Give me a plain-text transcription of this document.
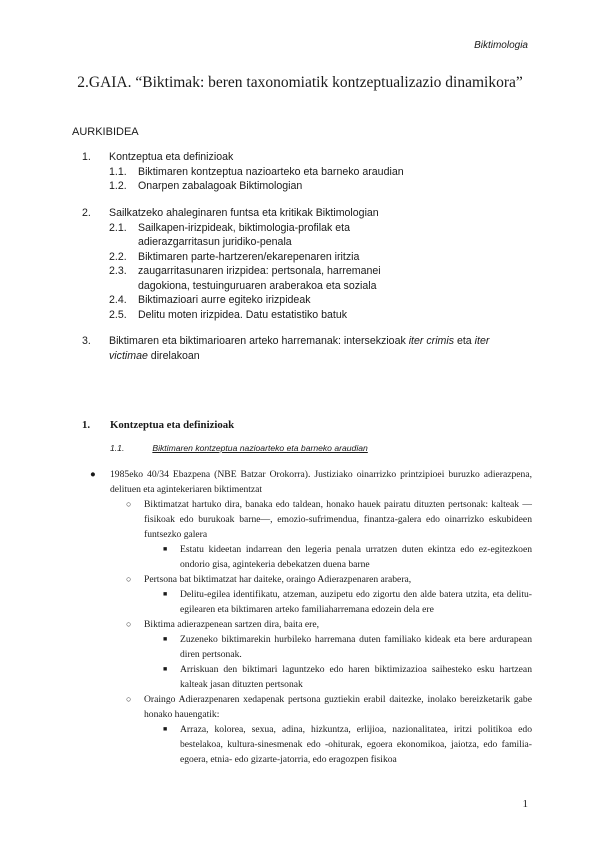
Biktimologia
2.GAIA. “Biktimak: beren taxonomiatik kontzeptualizazio dinamikora”
AURKIBIDEA
1. Kontzeptua eta definizioak
1.1. Biktimaren kontzeptua nazioarteko eta barneko araudian
1.2. Onarpen zabalagoak Biktimologian
2. Sailkatzeko ahaleginaren funtsa eta kritikak Biktimologian
2.1. Sailkapen-irizpideak, biktimologia-profilak eta adierazgarritasun juridiko-penala
2.2. Biktimaren parte-hartzeren/ekarepenaren iritzia
2.3. zaugarritasunaren irizpidea: pertsonala, harremanei dagokiona, testuinguruaren araberakoa eta soziala
2.4. Biktimazioari aurre egiteko irizpideak
2.5. Delitu moten irizpidea. Datu estatistiko batuk
3. Biktimaren eta biktimarioaren arteko harremanak: intersekzioak iter crimis eta iter victimae direlakoan
1. Kontzeptua eta definizioak
1.1.	Biktimaren kontzeptua nazioarteko eta barneko araudian
● 1985eko 40/34 Ebazpena (NBE Batzar Orokorra). Justiziako oinarrizko printzipioei buruzko adierazpena, delituen eta agintekeriaren biktimentzat
○ Biktimatzat hartuko dira, banaka edo taldean, honako hauek pairatu dituzten pertsonak: kalteak —fisikoak edo burukoak barne—, emozio-sufrimendua, finantza-galera edo oinarrizko eskubideen funtsezko galera
■ Estatu kideetan indarrean den legeria penala urratzen duten ekintza edo ez-egitezkoen ondorio gisa, agintekeria debekatzen duena barne
○ Pertsona bat biktimatzat har daiteke, oraingo Adierazpenaren arabera,
■ Delitu-egilea identifikatu, atzeman, auzipetu edo zigortu den alde batera utzita, eta delitu-egilearen eta biktimaren arteko familiaharremana edozein dela ere
○ Biktima adierazpenean sartzen dira, baita ere,
■ Zuzeneko biktimarekin hurbileko harremana duten familiako kideak eta bere ardurapean diren pertsonak.
■ Arriskuan den biktimari laguntzeko edo haren biktimizazioa saihesteko esku hartzean kalteak jasan dituzten pertsonak
○ Oraingo Adierazpenaren xedapenak pertsona guztiekin erabil daitezke, inolako bereizketarik gabe honako hauengatik:
■ Arraza, kolorea, sexua, adina, hizkuntza, erlijioa, nazionalitatea, iritzi politikoa edo bestelakoa, kultura-sinesmenak edo -ohiturak, egoera ekonomikoa, jaiotza, edo familia-egoera, etnia- edo gizarte-jatorria, edo eragozpen fisikoa
1
